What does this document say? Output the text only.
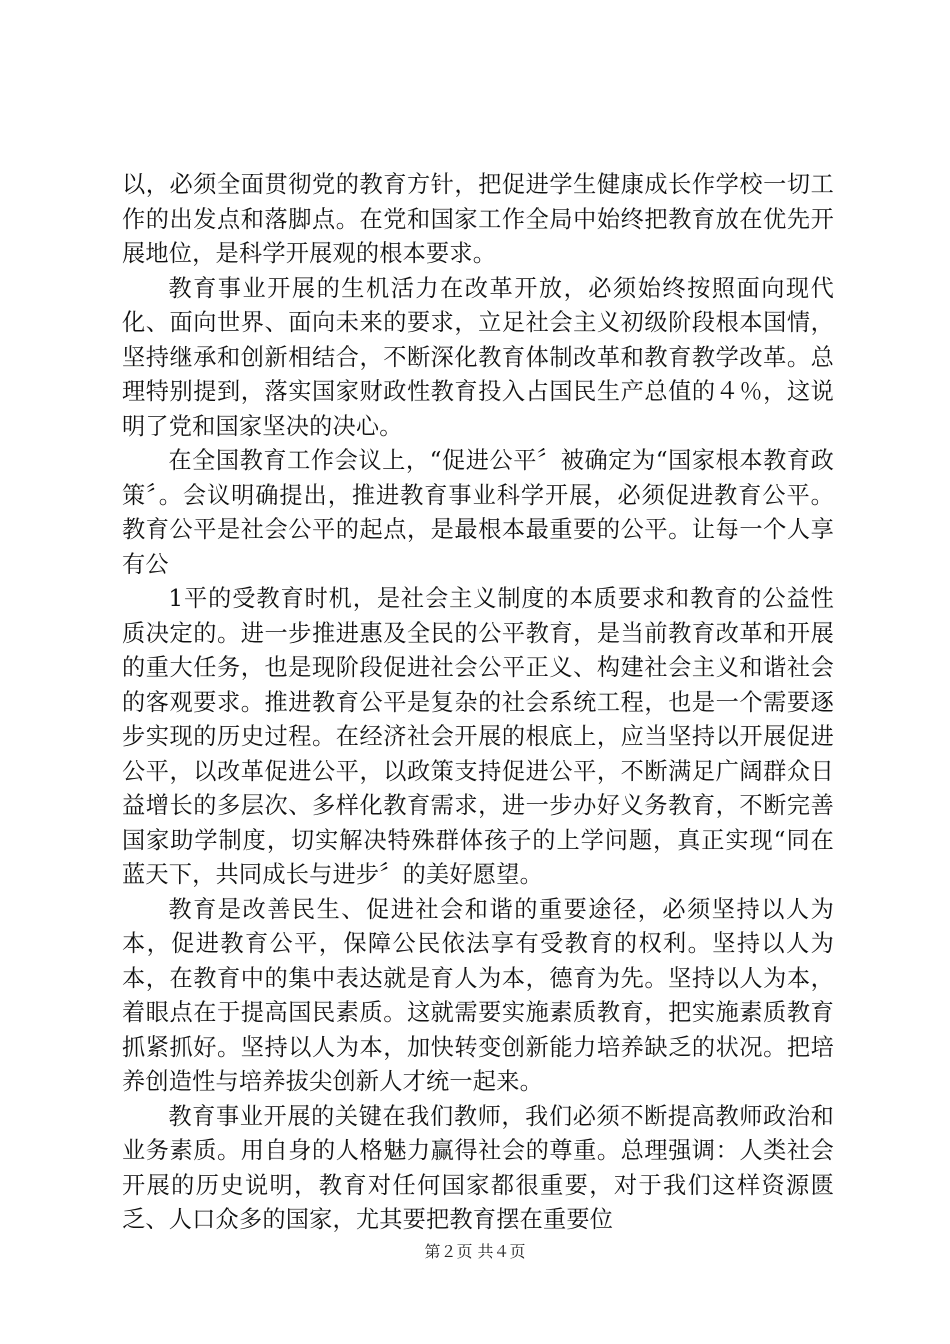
以，必须全面贯彻党的教育方针，把促进学生健康成长作学校一切工作的出发点和落脚点。在党和国家工作全局中始终把教育放在优先开展地位，是科学开展观的根本要求。

教育事业开展的生机活力在改革开放，必须始终按照面向现代化、面向世界、面向未来的要求，立足社会主义初级阶段根本国情，坚持继承和创新相结合，不断深化教育体制改革和教育教学改革。总理特别提到，落实国家财政性教育投入占国民生产总值的４％，这说明了党和国家坚决的决心。

在全国教育工作会议上，“促进公平〞被确定为“国家根本教育政策〞。会议明确提出，推进教育事业科学开展，必须促进教育公平。教育公平是社会公平的起点，是最根本最重要的公平。让每一个人享有公

1平的受教育时机，是社会主义制度的本质要求和教育的公益性质决定的。进一步推进惠及全民的公平教育，是当前教育改革和开展的重大任务，也是现阶段促进社会公平正义、构建社会主义和谐社会的客观要求。推进教育公平是复杂的社会系统工程，也是一个需要逐步实现的历史过程。在经济社会开展的根底上，应当坚持以开展促进公平，以改革促进公平，以政策支持促进公平，不断满足广阔群众日益增长的多层次、多样化教育需求，进一步办好义务教育，不断完善国家助学制度，切实解决特殊群体孩子的上学问题，真正实现“同在蓝天下，共同成长与进步〞的美好愿望。

教育是改善民生、促进社会和谐的重要途径，必须坚持以人为本，促进教育公平，保障公民依法享有受教育的权利。坚持以人为本，在教育中的集中表达就是育人为本，德育为先。坚持以人为本，着眼点在于提高国民素质。这就需要实施素质教育，把实施素质教育抓紧抓好。坚持以人为本，加快转变创新能力培养缺乏的状况。把培养创造性与培养拔尖创新人才统一起来。

教育事业开展的关键在我们教师，我们必须不断提高教师政治和业务素质。用自身的人格魅力赢得社会的尊重。总理强调：人类社会开展的历史说明，教育对任何国家都很重要，对于我们这样资源匮乏、人口众多的国家，尤其要把教育摆在重要位

第２页 共４页
